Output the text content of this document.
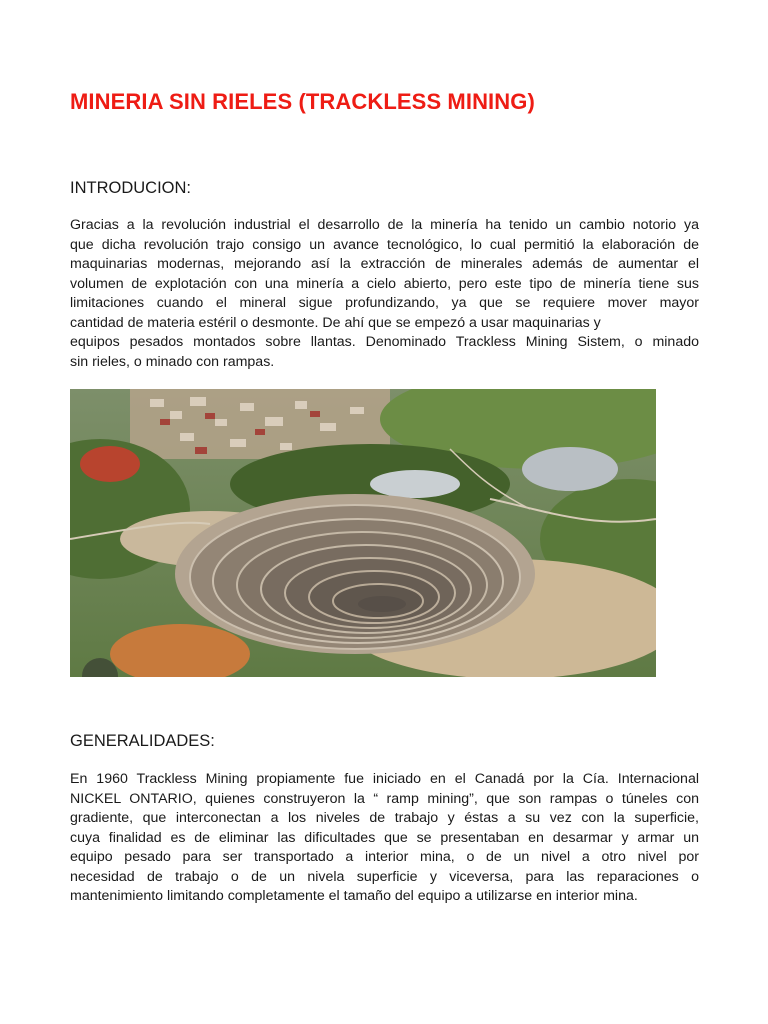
MINERIA SIN RIELES (TRACKLESS MINING)
INTRODUCION:
Gracias a la revolución industrial el desarrollo de la minería ha tenido un cambio notorio ya
que dicha revolución trajo consigo un avance tecnológico, lo cual permitió la elaboración de
maquinarias modernas, mejorando así la extracción de minerales además de aumentar el
volumen de explotación con una minería a cielo abierto, pero este tipo de minería tiene sus
limitaciones cuando el mineral sigue profundizando, ya que se requiere mover mayor
cantidad de materia estéril o desmonte. De ahí que se empezó a usar maquinarias y
equipos pesados montados sobre llantas. Denominado Trackless Mining Sistem, o minado
sin rieles, o minado con rampas.
GENERALIDADES:
En 1960 Trackless Mining propiamente fue iniciado en el Canadá por la Cía. Internacional
NICKEL ONTARIO, quienes construyeron la “ ramp mining”, que son rampas o túneles con
gradiente, que interconectan a los niveles de trabajo y éstas a su vez con la superficie,
cuya finalidad es de eliminar las dificultades que se presentaban en desarmar y armar un
equipo pesado para ser transportado a interior mina, o de un nivel a otro nivel por
necesidad de trabajo o de un nivela superficie y viceversa, para las reparaciones o
mantenimiento limitando completamente el tamaño del equipo a utilizarse en interior mina.
